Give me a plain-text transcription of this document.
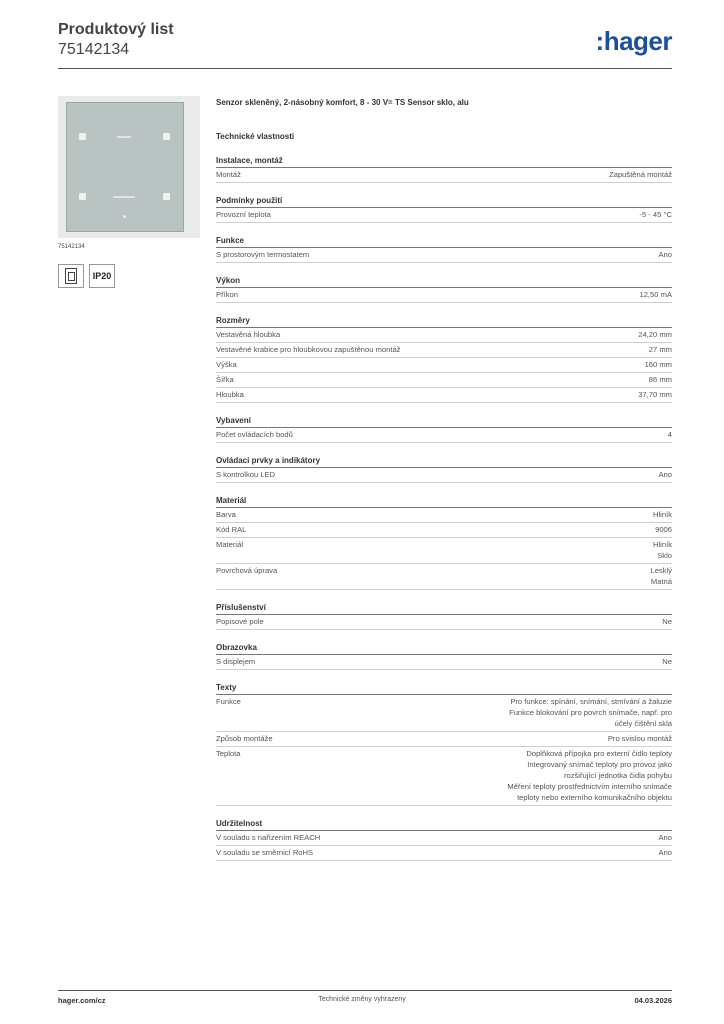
Produktový list
75142134	:hager
75142134
IP20
Senzor skleněný, 2-násobný komfort, 8 - 30 V= TS Sensor sklo, alu
Technické vlastnosti
Instalace, montáž
Montáž	Zapuštěná montáž
Podmínky použití
Provozní teplota	-5 - 45 °C
Funkce
S prostorovým termostatem	Ano
Výkon
Příkon	12,50 mA
Rozměry
Vestavěná hloubka	24,20 mm
Vestavěné krabice pro hloubkovou zapuštěnou montáž	27 mm
Výška	160 mm
Šířka	86 mm
Hloubka	37,70 mm
Vybavení
Počet ovládacích bodů	4
Ovládací prvky a indikátory
S kontrolkou LED	Ano
Materiál
Barva	Hliník
Kód RAL	9006
Materiál	Hliník
Sklo
Povrchová úprava	Lesklý
Matná
Příslušenství
Popisové pole	Ne
Obrazovka
S displejem	Ne
Texty
Funkce	Pro funkce: spínání, snímání, stmívání a žaluzie
Funkce blokování pro povrch snímače, např. pro
účely čištění skla
Způsob montáže	Pro svislou montáž
Teplota	Doplňková přípojka pro externí čidlo teploty
Integrovaný snímač teploty pro provoz jako
rozšiřující jednotka čidla pohybu
Měření teploty prostřednictvím interního snímače
teploty nebo externího komunikačního objektu
Udržitelnost
V souladu s nařízením REACH	Ano
V souladu se směrnicí RoHS	Ano
hager.com/cz	Technické změny vyhrazeny	04.03.2026
